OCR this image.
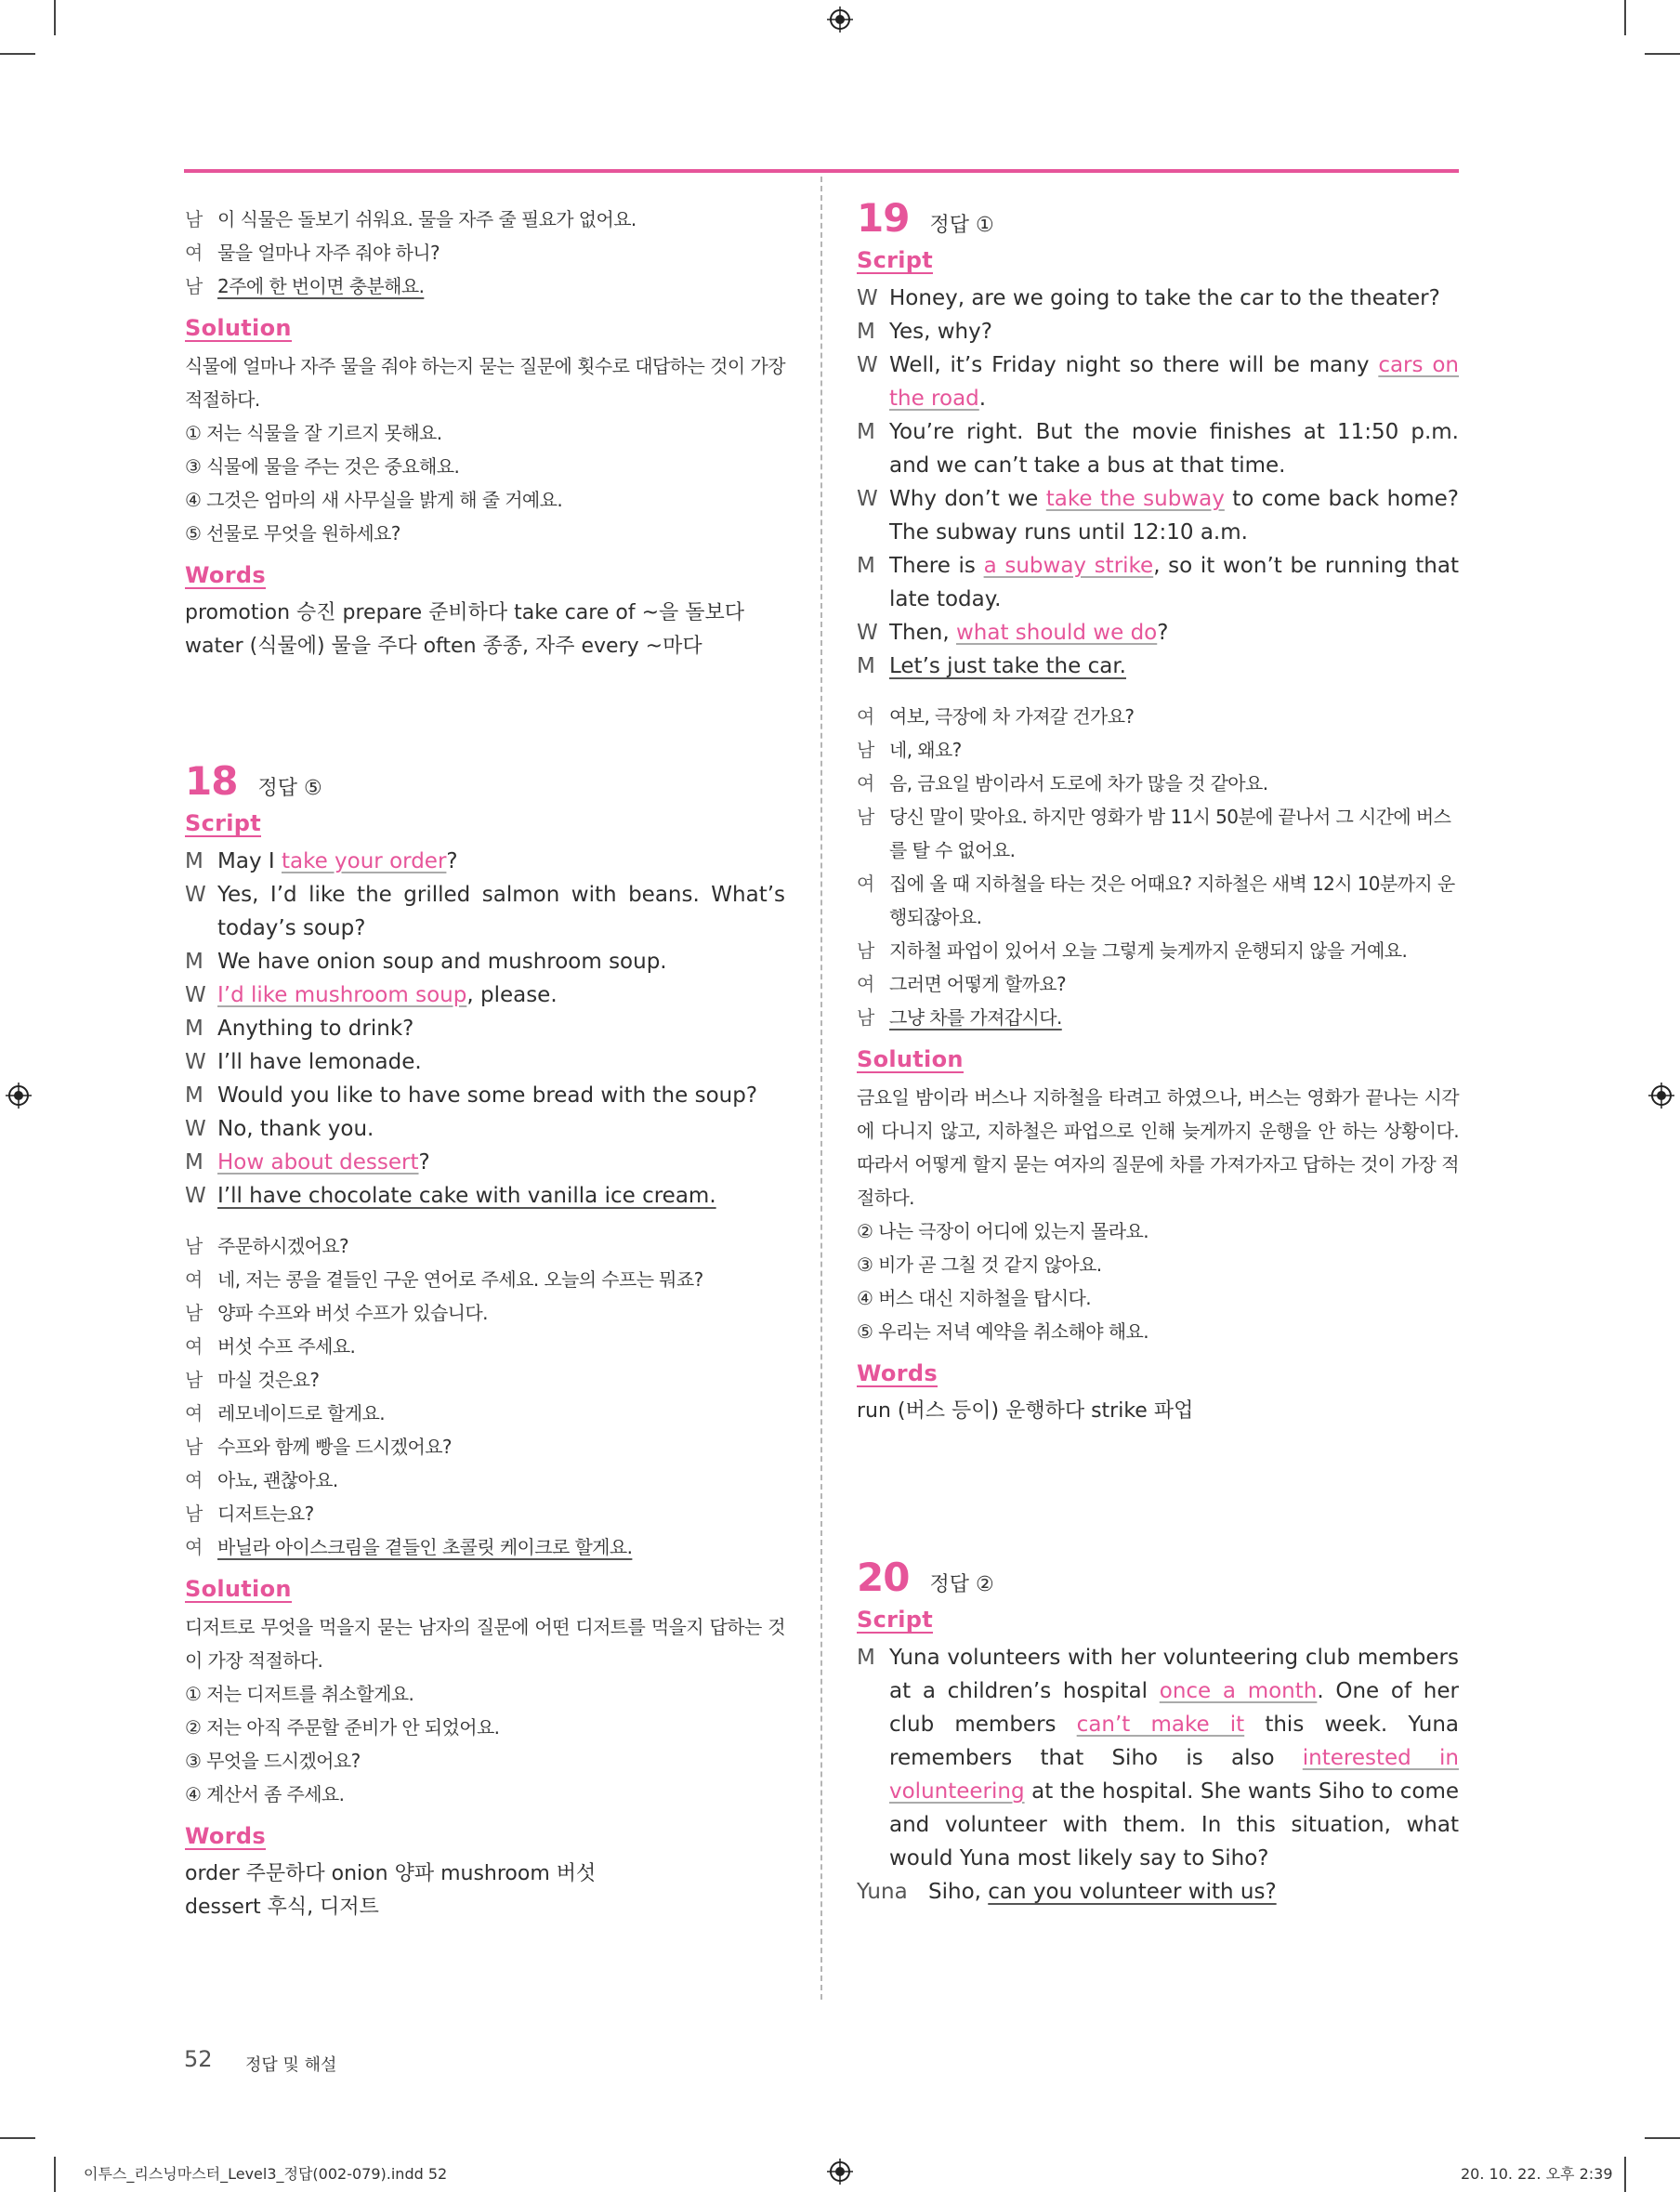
남 이 식물은 돌보기 쉬워요. 물을 자주 줄 필요가 없어요.
여 물을 얼마나 자주 줘야 하니?
남 2주에 한 번이면 충분해요.
Solution
식물에 얼마나 자주 물을 줘야 하는지 묻는 질문에 횟수로 대답하는 것이 가장 적절하다.
① 저는 식물을 잘 기르지 못해요.
③ 식물에 물을 주는 것은 중요해요.
④ 그것은 엄마의 새 사무실을 밝게 해 줄 거예요.
⑤ 선물로 무엇을 원하세요?
Words
promotion 승진 prepare 준비하다 take care of ~을 돌보다
water (식물에) 물을 주다 often 종종, 자주 every ~마다
18 정답 ⑤
Script
M May I take your order?
W Yes, I’d like the grilled salmon with beans. What’s today’s soup?
M We have onion soup and mushroom soup.
W I’d like mushroom soup, please.
M Anything to drink?
W I’ll have lemonade.
M Would you like to have some bread with the soup?
W No, thank you.
M How about dessert?
W I’ll have chocolate cake with vanilla ice cream.
남 주문하시겠어요?
여 네, 저는 콩을 곁들인 구운 연어로 주세요. 오늘의 수프는 뭐죠?
남 양파 수프와 버섯 수프가 있습니다.
여 버섯 수프 주세요.
남 마실 것은요?
여 레모네이드로 할게요.
남 수프와 함께 빵을 드시겠어요?
여 아뇨, 괜찮아요.
남 디저트는요?
여 바닐라 아이스크림을 곁들인 초콜릿 케이크로 할게요.
Solution
디저트로 무엇을 먹을지 묻는 남자의 질문에 어떤 디저트를 먹을지 답하는 것이 가장 적절하다.
① 저는 디저트를 취소할게요.
② 저는 아직 주문할 준비가 안 되었어요.
③ 무엇을 드시겠어요?
④ 계산서 좀 주세요.
Words
order 주문하다 onion 양파 mushroom 버섯
dessert 후식, 디저트
19 정답 ①
Script
W Honey, are we going to take the car to the theater?
M Yes, why?
W Well, it’s Friday night so there will be many cars on the road.
M You’re right. But the movie finishes at 11:50 p.m. and we can’t take a bus at that time.
W Why don’t we take the subway to come back home? The subway runs until 12:10 a.m.
M There is a subway strike, so it won’t be running that late today.
W Then, what should we do?
M Let’s just take the car.
여 여보, 극장에 차 가져갈 건가요?
남 네, 왜요?
여 음, 금요일 밤이라서 도로에 차가 많을 것 같아요.
남 당신 말이 맞아요. 하지만 영화가 밤 11시 50분에 끝나서 그 시간에 버스를 탈 수 없어요.
여 집에 올 때 지하철을 타는 것은 어때요? 지하철은 새벽 12시 10분까지 운행되잖아요.
남 지하철 파업이 있어서 오늘 그렇게 늦게까지 운행되지 않을 거예요.
여 그러면 어떻게 할까요?
남 그냥 차를 가져갑시다.
Solution
금요일 밤이라 버스나 지하철을 타려고 하였으나, 버스는 영화가 끝나는 시각에 다니지 않고, 지하철은 파업으로 인해 늦게까지 운행을 안 하는 상황이다. 따라서 어떻게 할지 묻는 여자의 질문에 차를 가져가자고 답하는 것이 가장 적절하다.
② 나는 극장이 어디에 있는지 몰라요.
③ 비가 곧 그칠 것 같지 않아요.
④ 버스 대신 지하철을 탑시다.
⑤ 우리는 저녁 예약을 취소해야 해요.
Words
run (버스 등이) 운행하다 strike 파업
20 정답 ②
Script
M Yuna volunteers with her volunteering club members at a children’s hospital once a month. One of her club members can’t make it this week. Yuna remembers that Siho is also interested in volunteering at the hospital. She wants Siho to come and volunteer with them. In this situation, what would Yuna most likely say to Siho?
Yuna Siho, can you volunteer with us?
52 정답 및 해설
이투스_리스닝마스터_Level3_정답(002-079).indd 52	20. 10. 22. 오후 2:39
